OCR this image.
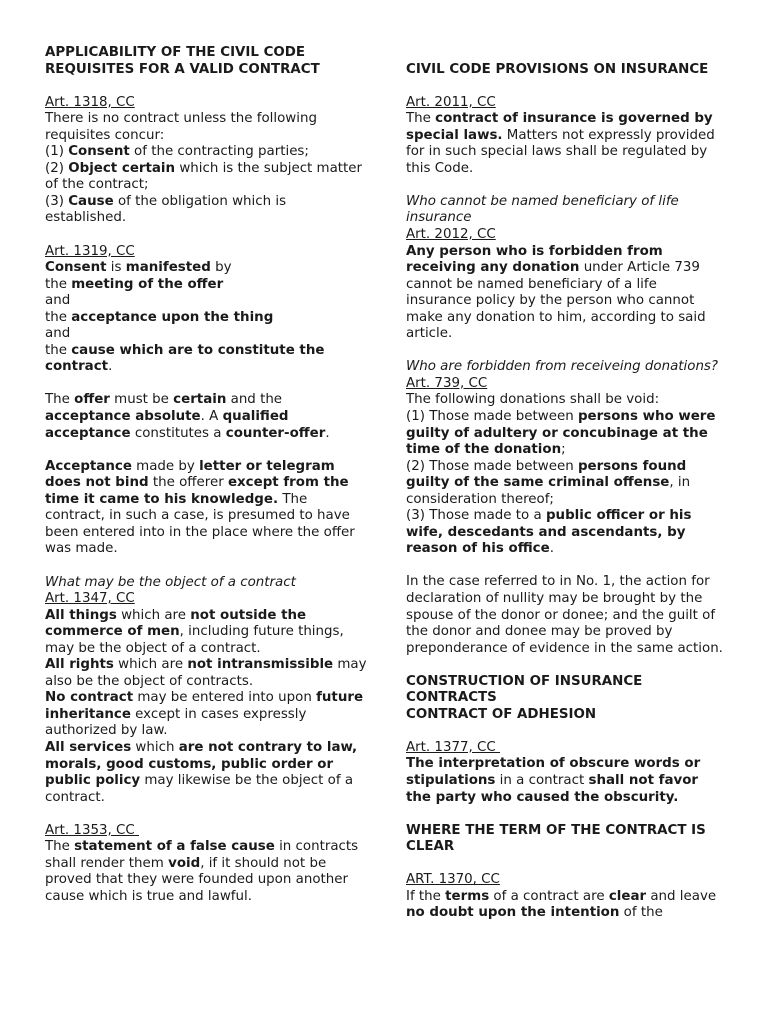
APPLICABILITY OF THE CIVIL CODE
REQUISITES FOR A VALID CONTRACT
Art. 1318, CC
There is no contract unless the following requisites concur:
(1) Consent of the contracting parties;
(2) Object certain which is the subject matter of the contract;
(3) Cause of the obligation which is established.
Art. 1319, CC
Consent is manifested by
the meeting of the offer
and
the acceptance upon the thing
and
the cause which are to constitute the contract.
The offer must be certain and the acceptance absolute. A qualified acceptance constitutes a counter-offer.
Acceptance made by letter or telegram does not bind the offerer except from the time it came to his knowledge. The contract, in such a case, is presumed to have been entered into in the place where the offer was made.
What may be the object of a contract
Art. 1347, CC
All things which are not outside the commerce of men, including future things, may be the object of a contract.
All rights which are not intransmissible may also be the object of contracts.
No contract may be entered into upon future inheritance except in cases expressly authorized by law.
All services which are not contrary to law, morals, good customs, public order or public policy may likewise be the object of a contract.
Art. 1353, CC
The statement of a false cause in contracts shall render them void, if it should not be proved that they were founded upon another cause which is true and lawful.
CIVIL CODE PROVISIONS ON INSURANCE
Art. 2011, CC
The contract of insurance is governed by special laws. Matters not expressly provided for in such special laws shall be regulated by this Code.
Who cannot be named beneficiary of life insurance
Art. 2012, CC
Any person who is forbidden from receiving any donation under Article 739 cannot be named beneficiary of a life insurance policy by the person who cannot make any donation to him, according to said article.
Who are forbidden from receiveing donations?
Art. 739, CC
The following donations shall be void:
(1) Those made between persons who were guilty of adultery or concubinage at the time of the donation;
(2) Those made between persons found guilty of the same criminal offense, in consideration thereof;
(3) Those made to a public officer or his wife, descedants and ascendants, by reason of his office.
In the case referred to in No. 1, the action for declaration of nullity may be brought by the spouse of the donor or donee; and the guilt of the donor and donee may be proved by preponderance of evidence in the same action.
CONSTRUCTION OF INSURANCE CONTRACTS
CONTRACT OF ADHESION
Art. 1377, CC
The interpretation of obscure words or stipulations in a contract shall not favor the party who caused the obscurity.
WHERE THE TERM OF THE CONTRACT IS CLEAR
ART. 1370, CC
If the terms of a contract are clear and leave no doubt upon the intention of the
